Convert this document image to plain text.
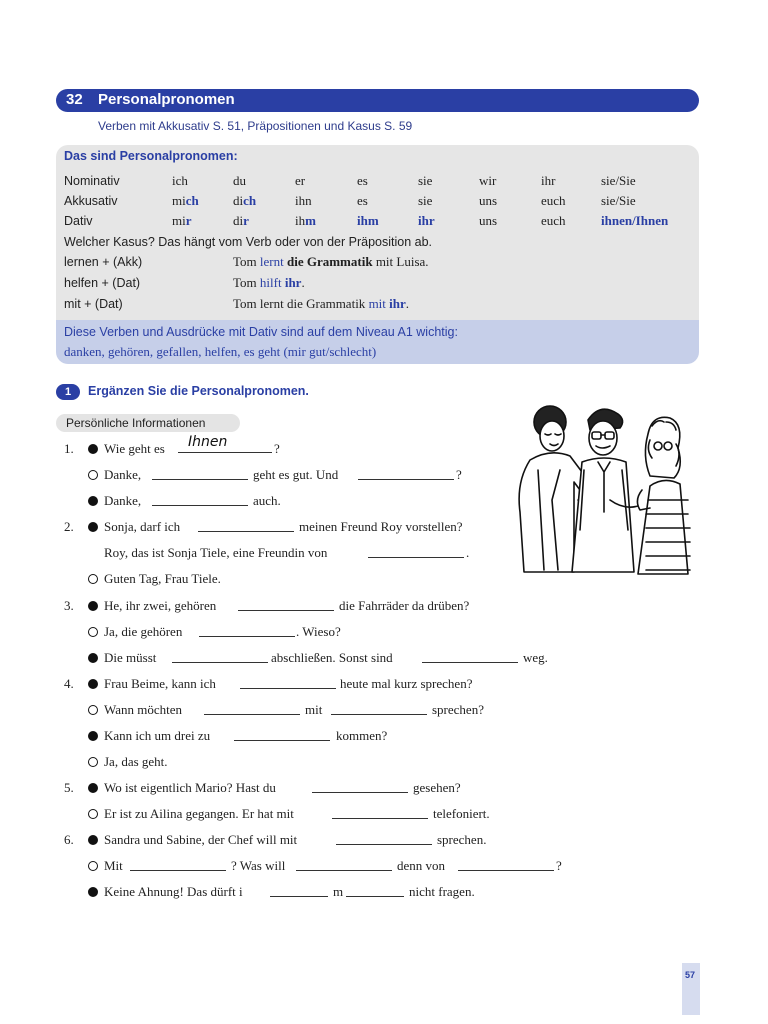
32 Personalpronomen
Verben mit Akkusativ S. 51, Präpositionen und Kasus S. 59
Das sind Personalpronomen:
Nominativ	ich	du	er	es	sie	wir	ihr	sie/Sie
Akkusativ	mich	dich	ihn	es	sie	uns	euch	sie/Sie
Dativ	mir	dir	ihm	ihm	ihr	uns	euch	ihnen/Ihnen
Welcher Kasus? Das hängt vom Verb oder von der Präposition ab.
lernen + (Akk)	Tom lernt die Grammatik mit Luisa.
helfen + (Dat)	Tom hilft ihr.
mit + (Dat)	Tom lernt die Grammatik mit ihr.
Diese Verben und Ausdrücke mit Dativ sind auf dem Niveau A1 wichtig:
danken, gehören, gefallen, helfen, es geht (mir gut/schlecht)
1	Ergänzen Sie die Personalpronomen.
Persönliche Informationen
1.
2.
3.
4.
5.
6.
Wie geht es Ihnen	?
Danke,	geht es gut. Und	?
Danke,	auch.
Sonja, darf ich	meinen Freund Roy vorstellen?
Roy, das ist Sonja Tiele, eine Freundin von	.
Guten Tag, Frau Tiele.
He, ihr zwei, gehören	die Fahrräder da drüben?
Ja, die gehören	. Wieso?
Die müsst	abschließen. Sonst sind	weg.
Frau Beime, kann ich	heute mal kurz sprechen?
Wann möchten	mit	sprechen?
Kann ich um drei zu	kommen?
Ja, das geht.
Wo ist eigentlich Mario? Hast du	gesehen?
Er ist zu Ailina gegangen. Er hat mit	telefoniert.
Sandra und Sabine, der Chef will mit	sprechen.
Mit	? Was will	denn von	?
Keine Ahnung! Das dürft i	m	nicht fragen.
57
